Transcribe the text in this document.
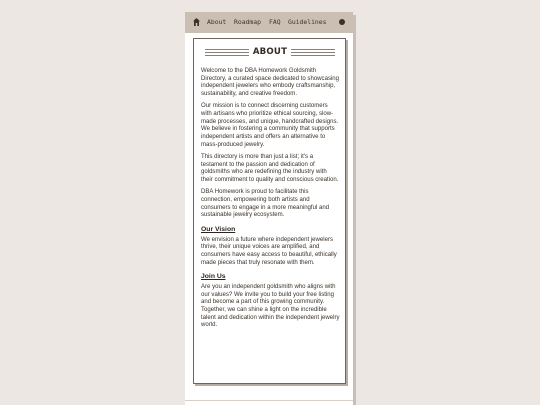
About Roadmap FAQ Guidelines
ABOUT

Welcome to the DBA Homework Goldsmith Directory, a curated space dedicated to showcasing independent jewelers who embody craftsmanship, sustainability, and creative freedom.

Our mission is to connect discerning customers with artisans who prioritize ethical sourcing, slow-made processes, and unique, handcrafted designs. We believe in fostering a community that supports independent artists and offers an alternative to mass-produced jewelry.

This directory is more than just a list; it's a testament to the passion and dedication of goldsmiths who are redefining the industry with their commitment to quality and conscious creation.

DBA Homework is proud to facilitate this connection, empowering both artists and consumers to engage in a more meaningful and sustainable jewelry ecosystem.

Our Vision

We envision a future where independent jewelers thrive, their unique voices are amplified, and consumers have easy access to beautiful, ethically made pieces that truly resonate with them.

Join Us

Are you an independent goldsmith who aligns with our values? We invite you to build your free listing and become a part of this growing community. Together, we can shine a light on the incredible talent and dedication within the independent jewelry world.
